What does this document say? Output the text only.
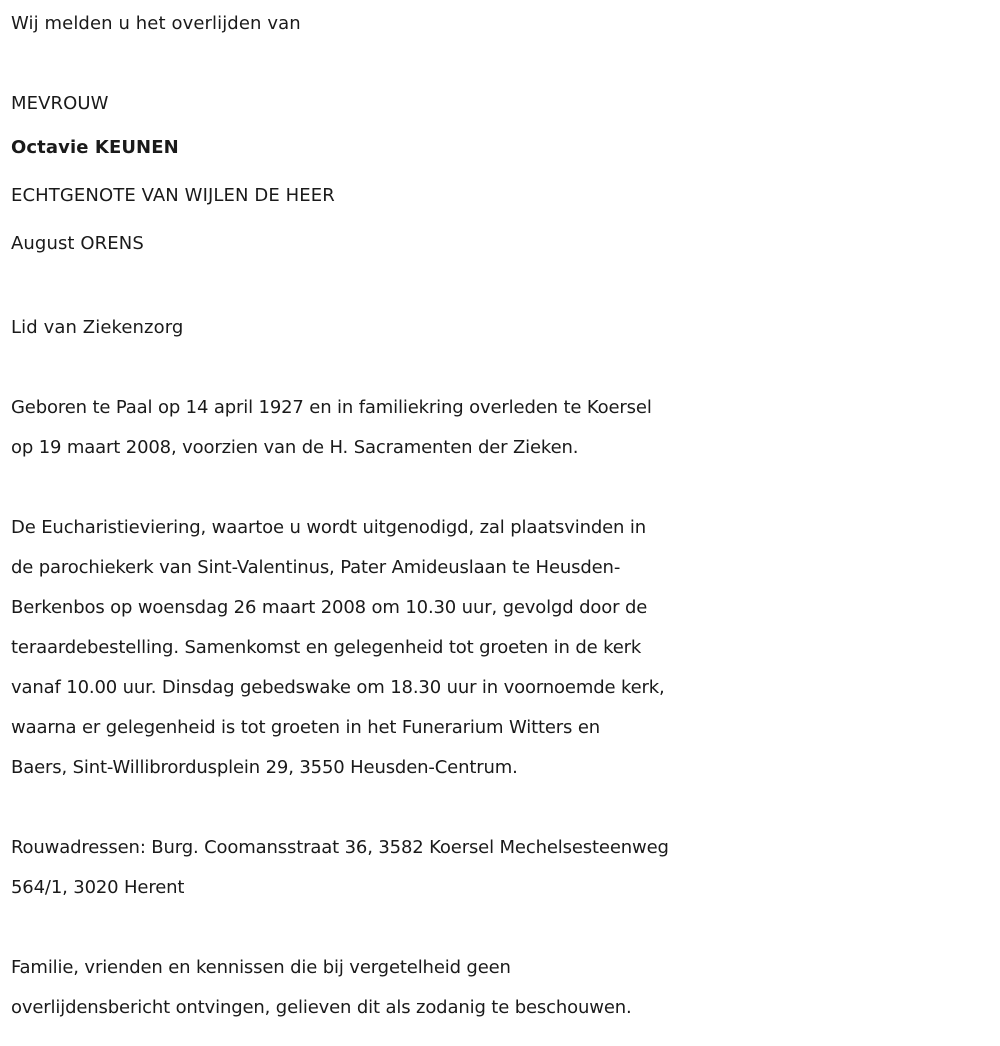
Wij melden u het overlijden van
MEVROUW
Octavie KEUNEN
ECHTGENOTE VAN WIJLEN DE HEER
August ORENS
Lid van Ziekenzorg
Geboren te Paal op 14 april 1927 en in familiekring overleden te Koersel
op 19 maart 2008, voorzien van de H. Sacramenten der Zieken.
De Eucharistieviering, waartoe u wordt uitgenodigd, zal plaatsvinden in
de parochiekerk van Sint-Valentinus, Pater Amideuslaan te Heusden-
Berkenbos op woensdag 26 maart 2008 om 10.30 uur, gevolgd door de
teraardebestelling. Samenkomst en gelegenheid tot groeten in de kerk
vanaf 10.00 uur. Dinsdag gebedswake om 18.30 uur in voornoemde kerk,
waarna er gelegenheid is tot groeten in het Funerarium Witters en
Baers, Sint-Willibrordusplein 29, 3550 Heusden-Centrum.
Rouwadressen: Burg. Coomansstraat 36, 3582 Koersel Mechelsesteenweg
564/1, 3020 Herent
Familie, vrienden en kennissen die bij vergetelheid geen
overlijdensbericht ontvingen, gelieven dit als zodanig te beschouwen.
